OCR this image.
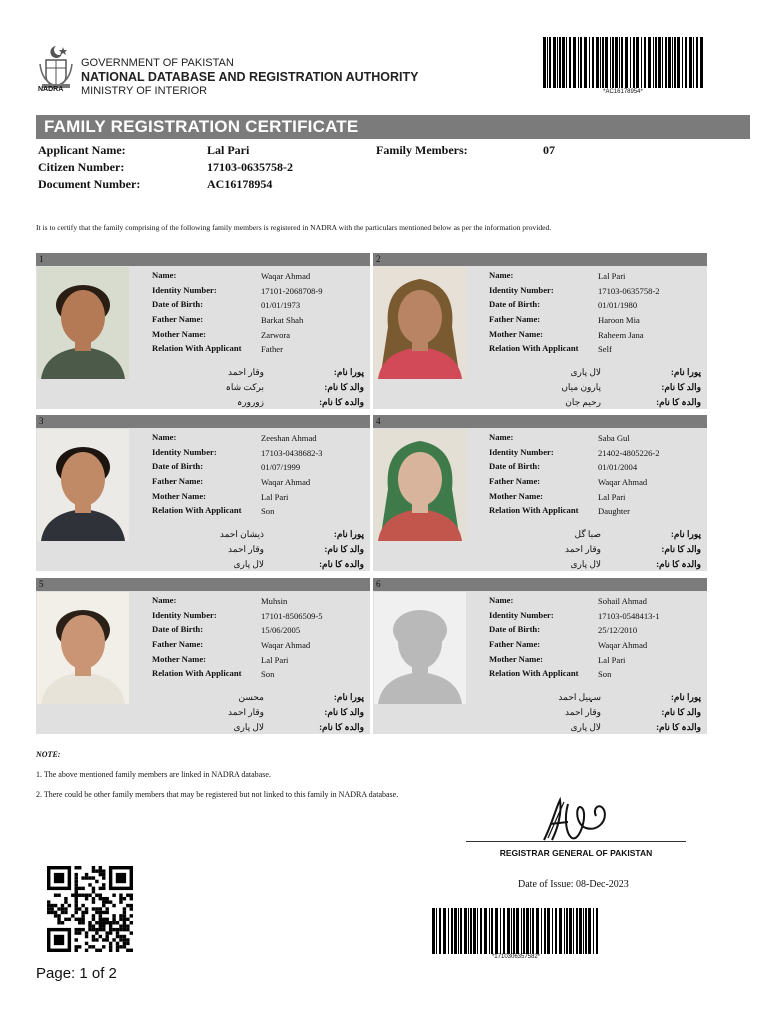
NADRA
GOVERNMENT OF PAKISTAN
NATIONAL DATABASE AND REGISTRATION AUTHORITY
MINISTRY OF INTERIOR	*AC16178954*
FAMILY REGISTRATION CERTIFICATE
Applicant Name:	Lal Pari
Citizen Number:	17103-0635758-2
Document Number:	AC16178954
Family Members:	07
It is to certify that the family comprising of the following family members is registered in NADRA with the particulars mentioned below as per the information provided.
1
Name:	Waqar Ahmad
Identity Number:	17101-2068708-9
Date of Birth:	01/01/1973
Father Name:	Barkat Shah
Mother Name:	Zarwora
Relation With Applicant	Father
پورا نام:
وقار احمد
والد کا نام:
برکت شاہ
والدہ کا نام:
زورورہ
2
Name:	Lal Pari
Identity Number:	17103-0635758-2
Date of Birth:	01/01/1980
Father Name:	Haroon Mia
Mother Name:	Raheem Jana
Relation With Applicant	Self
پورا نام:
لال پاری
والد کا نام:
پارون میاں
والدہ کا نام:
رحیم جان
3
Name:	Zeeshan Ahmad
Identity Number:	17103-0438682-3
Date of Birth:	01/07/1999
Father Name:	Waqar Ahmad
Mother Name:	Lal Pari
Relation With Applicant	Son
پورا نام:
ذیشان احمد
والد کا نام:
وقار احمد
والدہ کا نام:
لال پاری
4
Name:	Saba Gul
Identity Number:	21402-4805226-2
Date of Birth:	01/01/2004
Father Name:	Waqar Ahmad
Mother Name:	Lal Pari
Relation With Applicant	Daughter
پورا نام:
صبا گل
والد کا نام:
وقار احمد
والدہ کا نام:
لال پاری
5
Name:	Muhsin
Identity Number:	17101-8506509-5
Date of Birth:	15/06/2005
Father Name:	Waqar Ahmad
Mother Name:	Lal Pari
Relation With Applicant	Son
پورا نام:
محسن
والد کا نام:
وقار احمد
والدہ کا نام:
لال پاری
6
Name:	Sohail Ahmad
Identity Number:	17103-0548413-1
Date of Birth:	25/12/2010
Father Name:	Waqar Ahmad
Mother Name:	Lal Pari
Relation With Applicant	Son
پورا نام:
سہیل احمد
والد کا نام:
وقار احمد
والدہ کا نام:
لال پاری
NOTE:
1. The above mentioned family members are linked in NADRA database.
2. There could be other family members that may be registered but not linked to this family in NADRA database.
REGISTRAR GENERAL OF PAKISTAN
Date of Issue: 08-Dec-2023
*1710306357582*
Page: 1 of 2
